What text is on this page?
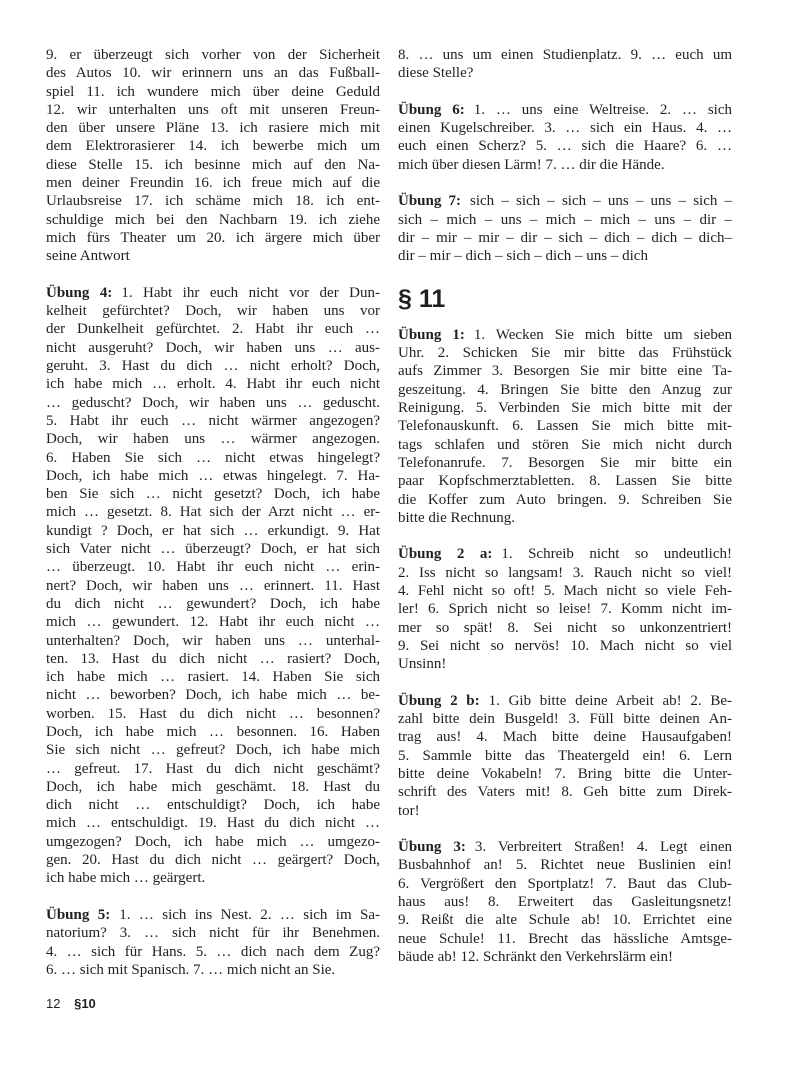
9. er überzeugt sich vorher von der Sicherheit
des Autos 10. wir erinnern uns an das Fußball-
spiel 11. ich wundere mich über deine Geduld
12. wir unterhalten uns oft mit unseren Freun-
den über unsere Pläne 13. ich rasiere mich mit
dem Elektrorasierer 14. ich bewerbe mich um
diese Stelle 15. ich besinne mich auf den Na-
men deiner Freundin 16. ich freue mich auf die
Urlaubsreise 17. ich schäme mich 18. ich ent-
schuldige mich bei den Nachbarn 19. ich ziehe
mich fürs Theater um 20. ich ärgere mich über
seine Antwort
Übung 4: 1. Habt ihr euch nicht vor der Dun-
kelheit gefürchtet? Doch, wir haben uns vor
der Dunkelheit gefürchtet. 2. Habt ihr euch …
nicht ausgeruht? Doch, wir haben uns … aus-
geruht. 3. Hast du dich … nicht erholt? Doch,
ich habe mich … erholt. 4. Habt ihr euch nicht
… geduscht? Doch, wir haben uns … geduscht.
5. Habt ihr euch … nicht wärmer angezogen?
Doch, wir haben uns … wärmer angezogen.
6. Haben Sie sich … nicht etwas hingelegt?
Doch, ich habe mich … etwas hingelegt. 7. Ha-
ben Sie sich … nicht gesetzt? Doch, ich habe
mich … gesetzt. 8. Hat sich der Arzt nicht … er-
kundigt ? Doch, er hat sich … erkundigt. 9. Hat
sich Vater nicht … überzeugt? Doch, er hat sich
… überzeugt. 10. Habt ihr euch nicht … erin-
nert? Doch, wir haben uns … erinnert. 11. Hast
du dich nicht … gewundert? Doch, ich habe
mich … gewundert. 12. Habt ihr euch nicht …
unterhalten? Doch, wir haben uns … unterhal-
ten. 13. Hast du dich nicht … rasiert? Doch,
ich habe mich … rasiert. 14. Haben Sie sich
nicht … beworben? Doch, ich habe mich … be-
worben. 15. Hast du dich nicht … besonnen?
Doch, ich habe mich … besonnen. 16. Haben
Sie sich nicht … gefreut? Doch, ich habe mich
… gefreut. 17. Hast du dich nicht geschämt?
Doch, ich habe mich geschämt. 18. Hast du
dich nicht … entschuldigt? Doch, ich habe
mich … entschuldigt. 19. Hast du dich nicht …
umgezogen? Doch, ich habe mich … umgezo-
gen. 20. Hast du dich nicht … geärgert? Doch,
ich habe mich … geärgert.
Übung 5: 1. … sich ins Nest. 2. … sich im Sa-
natorium? 3. … sich nicht für ihr Benehmen.
4. … sich für Hans. 5. … dich nach dem Zug?
6. … sich mit Spanisch. 7. … mich nicht an Sie.
8. … uns um einen Studienplatz. 9. … euch um
diese Stelle?
Übung 6: 1. … uns eine Weltreise. 2. … sich
einen Kugelschreiber. 3. … sich ein Haus. 4. …
euch einen Scherz? 5. … sich die Haare? 6. …
mich über diesen Lärm! 7. … dir die Hände.
Übung 7: sich – sich – sich – uns – uns – sich –
sich – mich – uns – mich – mich – uns – dir –
dir – mir – mir – dir – sich – dich – dich – dich–
dir – mir – dich – sich – dich – uns – dich
§ 11
Übung 1: 1. Wecken Sie mich bitte um sieben
Uhr. 2. Schicken Sie mir bitte das Frühstück
aufs Zimmer 3. Besorgen Sie mir bitte eine Ta-
geszeitung. 4. Bringen Sie bitte den Anzug zur
Reinigung. 5. Verbinden Sie mich bitte mit der
Telefonauskunft. 6. Lassen Sie mich bitte mit-
tags schlafen und stören Sie mich nicht durch
Telefonanrufe. 7. Besorgen Sie mir bitte ein
paar Kopfschmerztabletten. 8. Lassen Sie bitte
die Koffer zum Auto bringen. 9. Schreiben Sie
bitte die Rechnung.
Übung 2 a: 1. Schreib nicht so undeutlich!
2. Iss nicht so langsam! 3. Rauch nicht so viel!
4. Fehl nicht so oft! 5. Mach nicht so viele Feh-
ler! 6. Sprich nicht so leise! 7. Komm nicht im-
mer so spät! 8. Sei nicht so unkonzentriert!
9. Sei nicht so nervös! 10. Mach nicht so viel
Unsinn!
Übung 2 b: 1. Gib bitte deine Arbeit ab! 2. Be-
zahl bitte dein Busgeld! 3. Füll bitte deinen An-
trag aus! 4. Mach bitte deine Hausaufgaben!
5. Sammle bitte das Theatergeld ein! 6. Lern
bitte deine Vokabeln! 7. Bring bitte die Unter-
schrift des Vaters mit! 8. Geh bitte zum Direk-
tor!
Übung 3: 3. Verbreitert Straßen! 4. Legt einen
Busbahnhof an! 5. Richtet neue Buslinien ein!
6. Vergrößert den Sportplatz! 7. Baut das Club-
haus aus! 8. Erweitert das Gasleitungsnetz!
9. Reißt die alte Schule ab! 10. Errichtet eine
neue Schule! 11. Brecht das hässliche Amtsge-
bäude ab! 12. Schränkt den Verkehrslärm ein!
12 §10
